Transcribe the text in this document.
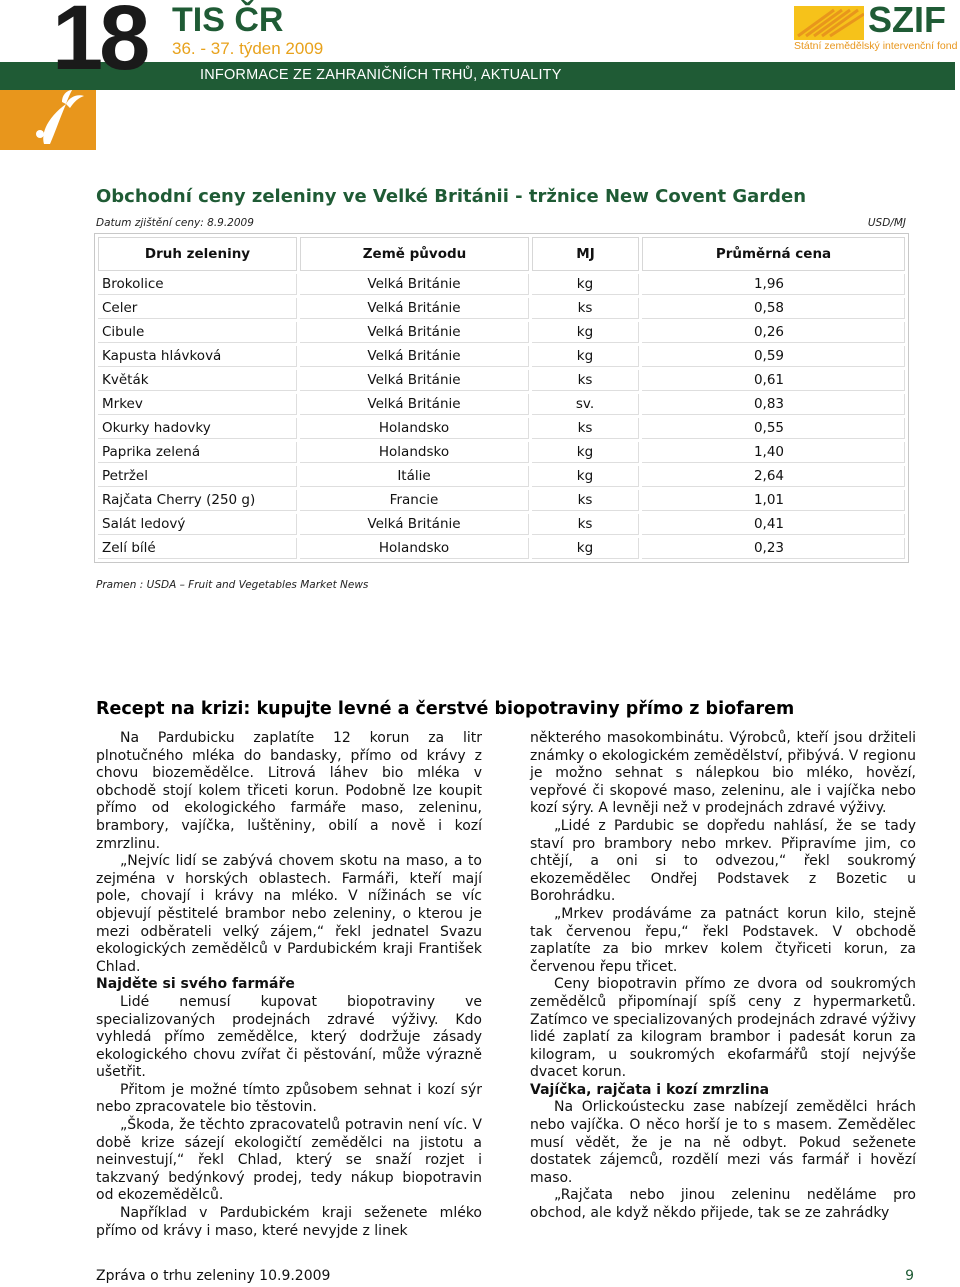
INFORMACE ZE ZAHRANIČNÍCH TRHŮ, AKTUALITY
18 TIS ČR
36. - 37. týden 2009
SZIF
Státní zemědělský intervenční fond
Obchodní ceny zeleniny ve Velké Británii - tržnice New Covent Garden
Datum zjištění ceny: 8.9.2009	USD/MJ
Druh zeleniny	Země původu	MJ	Průměrná cena
Brokolice	Velká Británie	kg	1,96
Celer	Velká Británie	ks	0,58
Cibule	Velká Británie	kg	0,26
Kapusta hlávková	Velká Británie	kg	0,59
Květák	Velká Británie	ks	0,61
Mrkev	Velká Británie	sv.	0,83
Okurky hadovky	Holandsko	ks	0,55
Paprika zelená	Holandsko	kg	1,40
Petržel	Itálie	kg	2,64
Rajčata Cherry (250 g)	Francie	ks	1,01
Salát ledový	Velká Británie	ks	0,41
Zelí bílé	Holandsko	kg	0,23
Pramen : USDA – Fruit and Vegetables Market News
Recept na krizi: kupujte levné a čerstvé biopotraviny přímo z biofarem

Na Pardubicku zaplatíte 12 korun za litr plnotučného mléka do bandasky, přímo od krávy z chovu biozemědělce. Litrová láhev bio mléka v obchodě stojí kolem třiceti korun. Podobně lze koupit přímo od ekologického farmáře maso, zeleninu, brambory, vajíčka, luštěniny, obilí a nově i kozí zmrzlinu.

„Nejvíc lidí se zabývá chovem skotu na maso, a to zejména v horských oblastech. Farmáři, kteří mají pole, chovají i krávy na mléko. V nížinách se víc objevují pěstitelé brambor nebo zeleniny, o kterou je mezi odběrateli velký zájem,“ řekl jednatel Svazu ekologických zemědělců v Pardubickém kraji František Chlad.

Najděte si svého farmáře

Lidé nemusí kupovat biopotraviny ve specializovaných prodejnách zdravé výživy. Kdo vyhledá přímo zemědělce, který dodržuje zásady ekologického chovu zvířat či pěstování, může výrazně ušetřit.

Přitom je možné tímto způsobem sehnat i kozí sýr nebo zpracovatele bio těstovin.

„Škoda, že těchto zpracovatelů potravin není víc. V době krize sázejí ekologičtí zemědělci na jistotu a neinvestují,“ řekl Chlad, který se snaží rozjet i takzvaný bedýnkový prodej, tedy nákup biopotravin od ekozemědělců.

Například v Pardubickém kraji seženete mléko přímo od krávy i maso, které nevyjde z linek

některého masokombinátu. Výrobců, kteří jsou držiteli známky o ekologickém zemědělství, přibývá. V regionu je možno sehnat s nálepkou bio mléko, hovězí, vepřové či skopové maso, zeleninu, ale i vajíčka nebo kozí sýry. A levněji než v prodejnách zdravé výživy.

„Lidé z Pardubic se dopředu nahlásí, že se tady staví pro brambory nebo mrkev. Připravíme jim, co chtějí, a oni si to odvezou,“ řekl soukromý ekozemědělec Ondřej Podstavek z Bozetic u Borohrádku.

„Mrkev prodáváme za patnáct korun kilo, stejně tak červenou řepu,“ řekl Podstavek. V obchodě zaplatíte za bio mrkev kolem čtyřiceti korun, za červenou řepu třicet.

Ceny biopotravin přímo ze dvora od soukromých zemědělců připomínají spíš ceny z hypermarketů. Zatímco ve specializovaných prodejnách zdravé výživy lidé zaplatí za kilogram brambor i padesát korun za kilogram, u soukromých ekofarmářů stojí nejvýše dvacet korun.

Vajíčka, rajčata i kozí zmrzlina

Na Orlickoústecku zase nabízejí zemědělci hrách nebo vajíčka. O něco horší je to s masem. Zemědělec musí vědět, že je na ně odbyt. Pokud seženete dostatek zájemců, rozdělí mezi vás farmář i hovězí maso.

„Rajčata nebo jinou zeleninu neděláme pro obchod, ale když někdo přijede, tak se ze zahrádky

Zpráva o trhu zeleniny 10.9.2009	9
